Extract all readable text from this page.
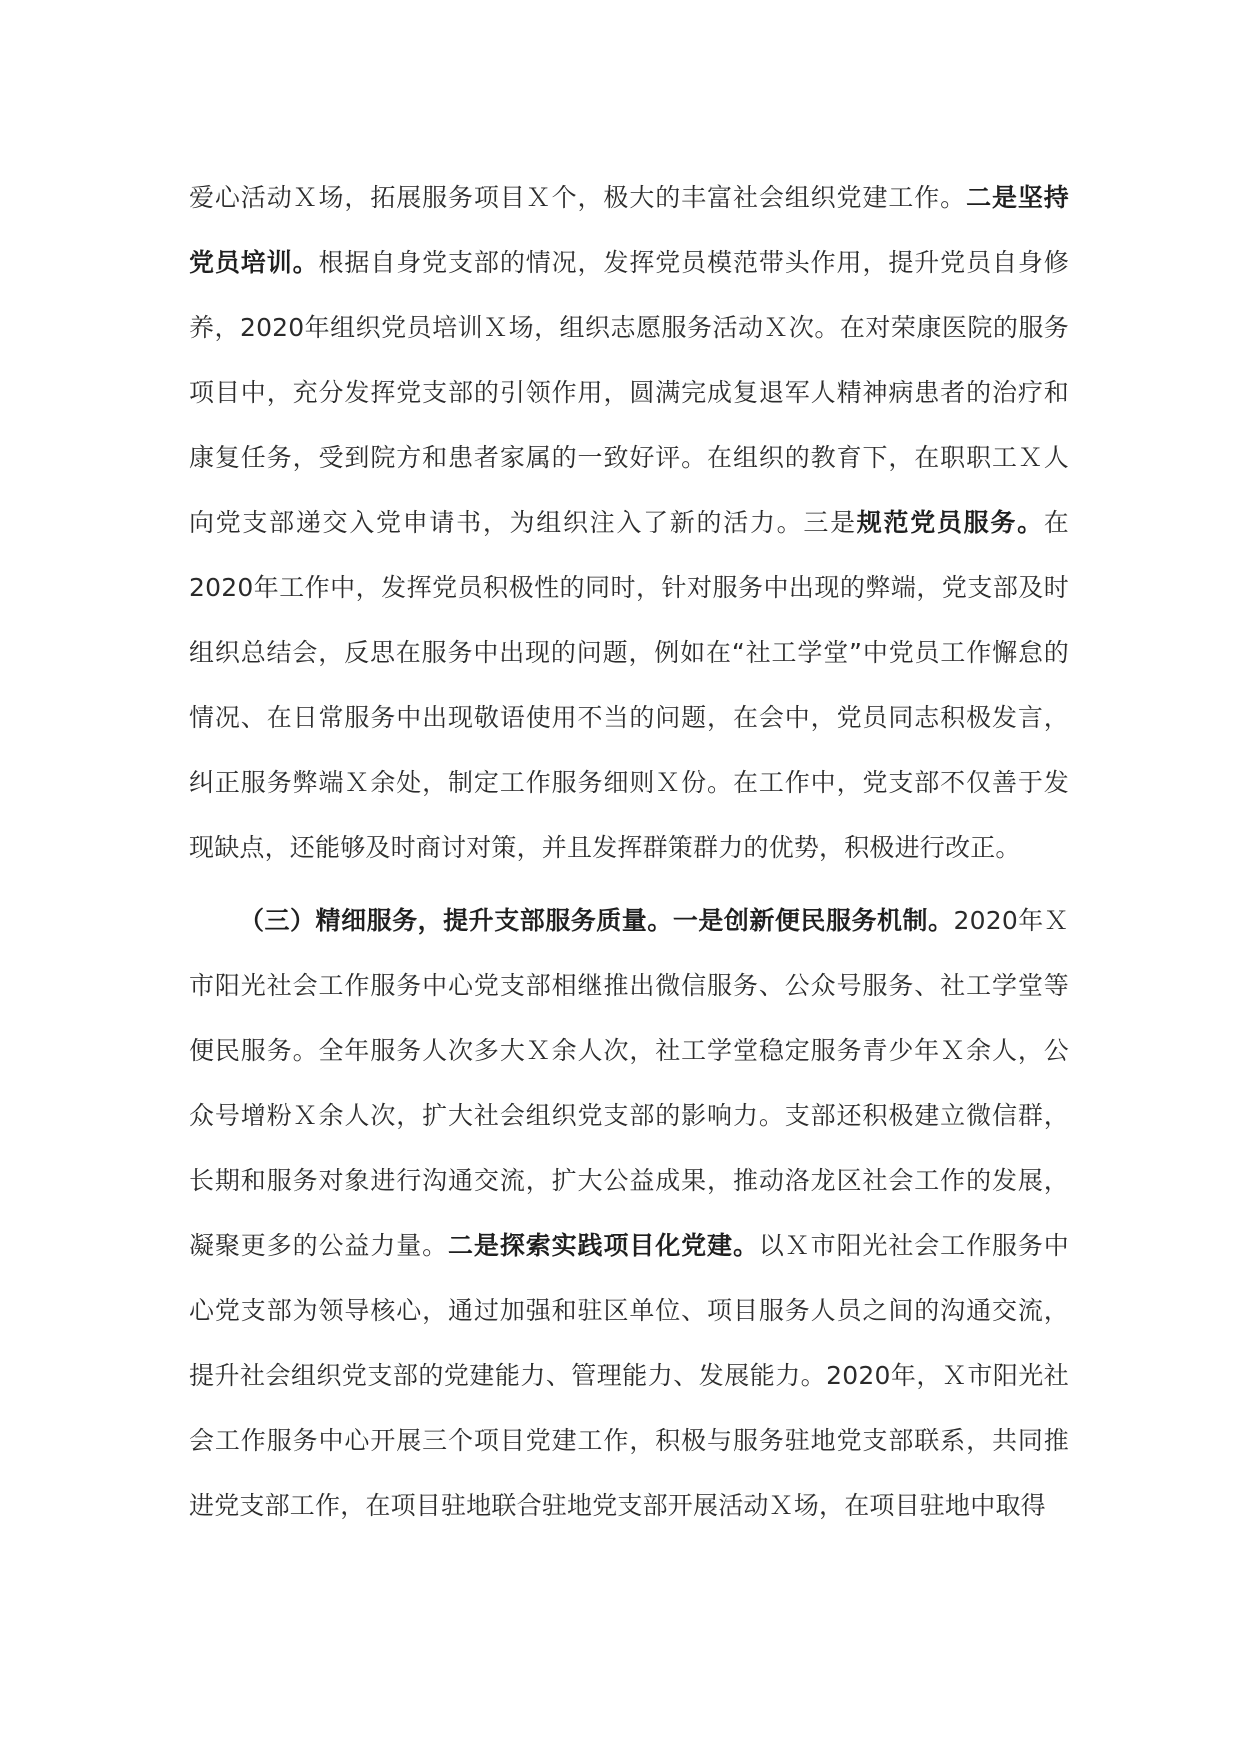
爱心活动Ｘ场，拓展服务项目Ｘ个，极大的丰富社会组织党建工作。二是坚持党员培训。根据自身党支部的情况，发挥党员模范带头作用，提升党员自身修养，2020年组织党员培训Ｘ场，组织志愿服务活动Ｘ次。在对荣康医院的服务项目中，充分发挥党支部的引领作用，圆满完成复退军人精神病患者的治疗和康复任务，受到院方和患者家属的一致好评。在组织的教育下，在职职工Ｘ人向党支部递交入党申请书，为组织注入了新的活力。三是规范党员服务。在2020年工作中，发挥党员积极性的同时，针对服务中出现的弊端，党支部及时组织总结会，反思在服务中出现的问题，例如在“社工学堂”中党员工作懈怠的情况、在日常服务中出现敬语使用不当的问题，在会中，党员同志积极发言，纠正服务弊端Ｘ余处，制定工作服务细则Ｘ份。在工作中，党支部不仅善于发现缺点，还能够及时商讨对策，并且发挥群策群力的优势，积极进行改正。

（三）精细服务，提升支部服务质量。一是创新便民服务机制。2020年Ｘ市阳光社会工作服务中心党支部相继推出微信服务、公众号服务、社工学堂等便民服务。全年服务人次多大Ｘ余人次，社工学堂稳定服务青少年Ｘ余人，公众号增粉Ｘ余人次，扩大社会组织党支部的影响力。支部还积极建立微信群，长期和服务对象进行沟通交流，扩大公益成果，推动洛龙区社会工作的发展，凝聚更多的公益力量。二是探索实践项目化党建。以Ｘ市阳光社会工作服务中心党支部为领导核心，通过加强和驻区单位、项目服务人员之间的沟通交流，提升社会组织党支部的党建能力、管理能力、发展能力。2020年，Ｘ市阳光社会工作服务中心开展三个项目党建工作，积极与服务驻地党支部联系，共同推进党支部工作，在项目驻地联合驻地党支部开展活动Ｘ场，在项目驻地中取得
